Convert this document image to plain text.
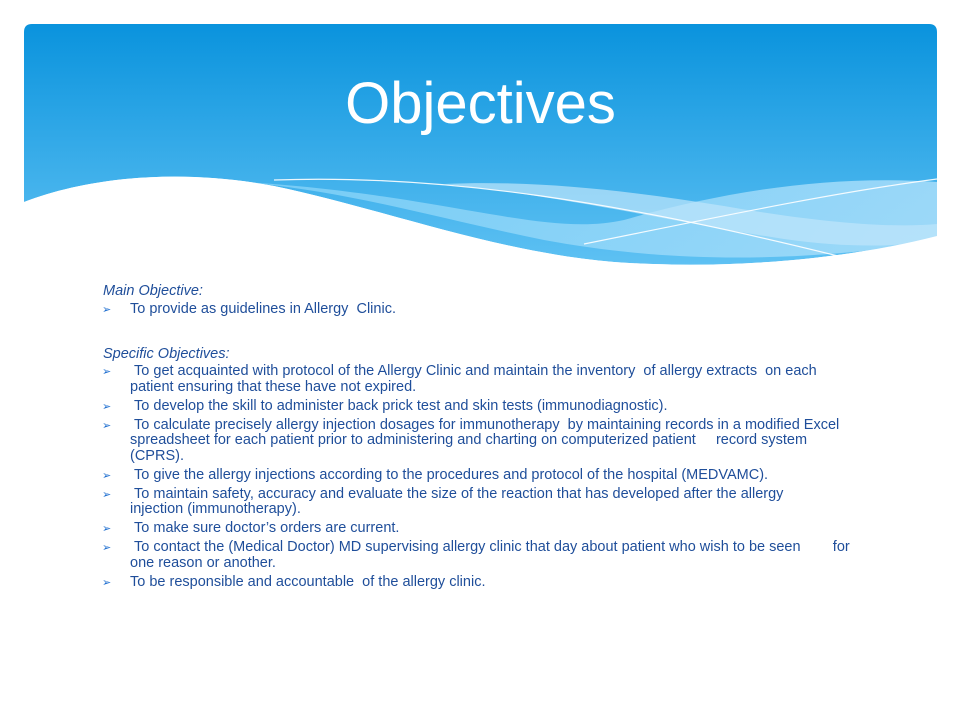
Objectives

Main Objective:

➢ To provide as guidelines in Allergy  Clinic.

Specific Objectives:

➢ To get acquainted with protocol of the Allergy Clinic and maintain the inventory  of allergy extracts  on each patient ensuring that these have not expired.
➢ To develop the skill to administer back prick test and skin tests (immunodiagnostic).
➢ To calculate precisely allergy injection dosages for immunotherapy  by maintaining records in a modified Excel spreadsheet for each patient prior to administering and charting on computerized patient     record system (CPRS).
➢ To give the allergy injections according to the procedures and protocol of the hospital (MEDVAMC).
➢ To maintain safety, accuracy and evaluate the size of the reaction that has developed after the allergy                 injection (immunotherapy).
➢ To make sure doctor’s orders are current.
➢ To contact the (Medical Doctor) MD supervising allergy clinic that day about patient who wish to be seen        for one reason or another.
➢ To be responsible and accountable  of the allergy clinic.
